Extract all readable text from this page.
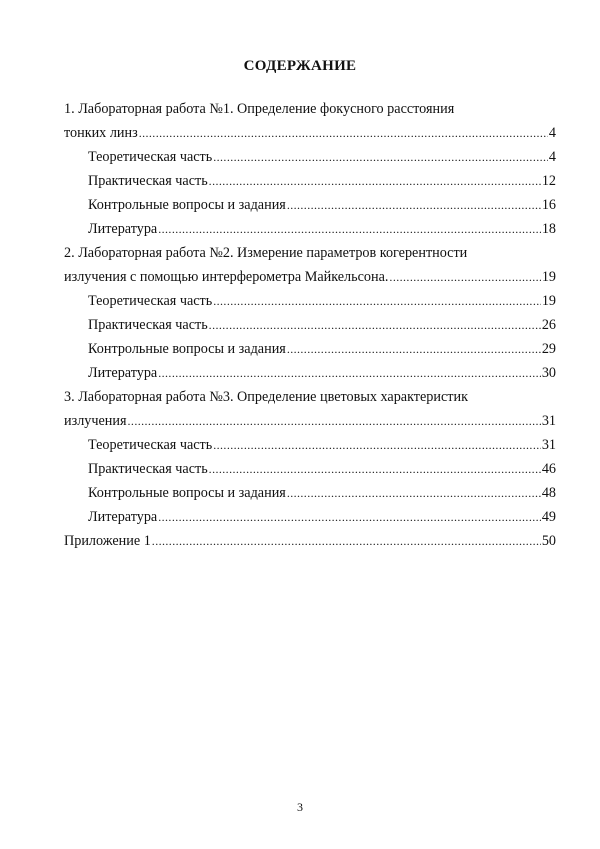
СОДЕРЖАНИЕ
1. Лабораторная работа №1. Определение фокусного расстояния
тонких линз .....	4
Теоретическая часть .....	4
Практическая часть .....	12
Контрольные вопросы и задания .....	16
Литература .....	18
2. Лабораторная работа №2. Измерение параметров когерентности
излучения с помощью интерферометра Майкельсона. .....	19
Теоретическая часть .....	19
Практическая часть .....	26
Контрольные вопросы и задания .....	29
Литература .....	30
3. Лабораторная работа №3. Определение цветовых характеристик
излучения .....	31
Теоретическая часть .....	31
Практическая часть .....	46
Контрольные вопросы и задания .....	48
Литература .....	49
Приложение 1 .....	50
3
